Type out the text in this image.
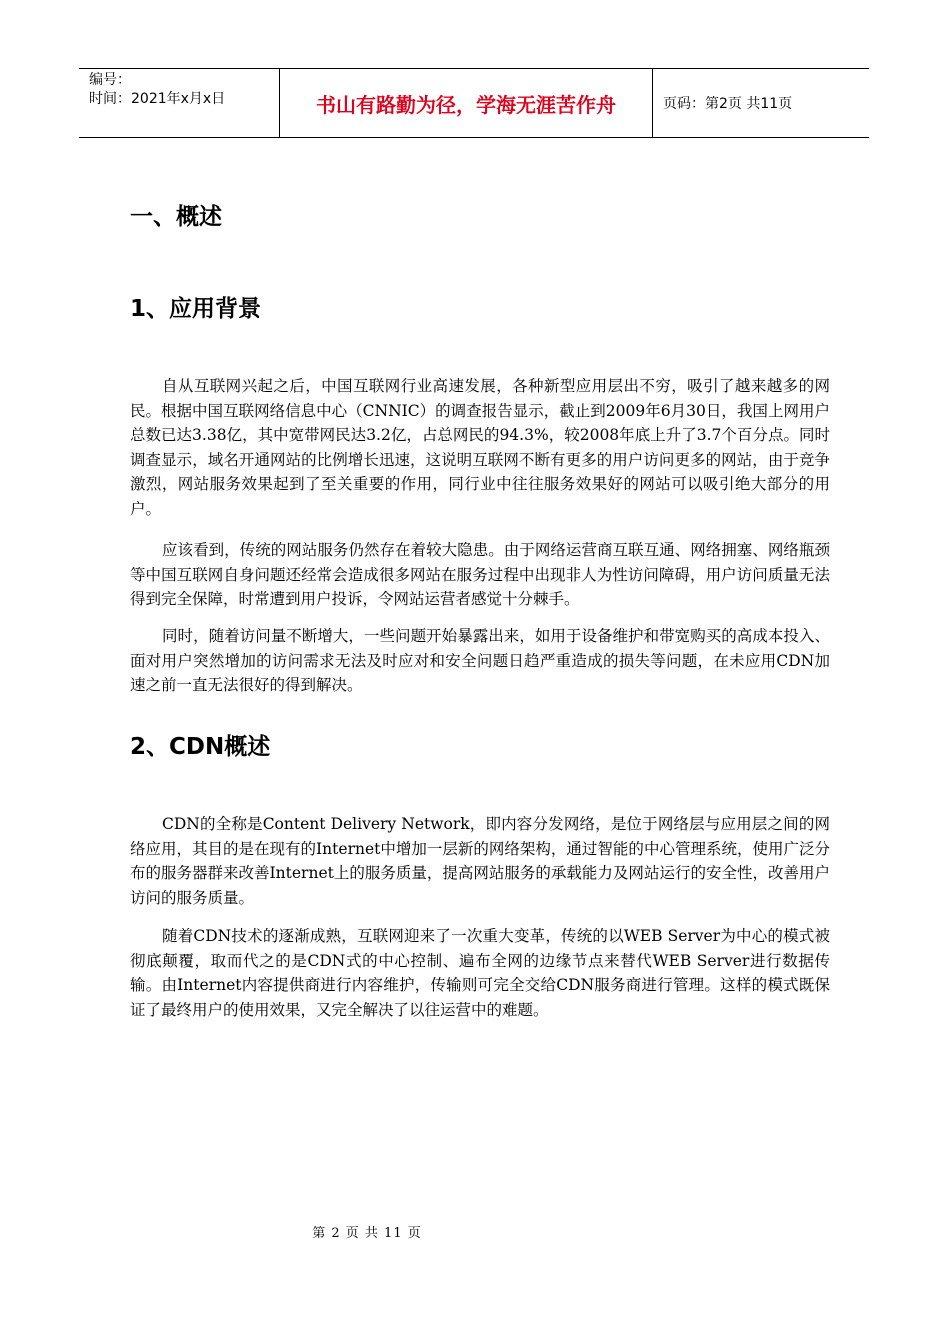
编号：
时间：2021年x月x日	书山有路勤为径，学海无涯苦作舟	页码：第2页 共11页
一、概述
1、应用背景

自从互联网兴起之后，中国互联网行业高速发展，各种新型应用层出不穷，吸引了越来越多的网民。根据中国互联网络信息中心（CNNIC）的调查报告显示，截止到2009年6月30日，我国上网用户总数已达3.38亿，其中宽带网民达3.2亿，占总网民的94.3%，较2008年底上升了3.7个百分点。同时调查显示，域名开通网站的比例增长迅速，这说明互联网不断有更多的用户访问更多的网站，由于竞争激烈，网站服务效果起到了至关重要的作用，同行业中往往服务效果好的网站可以吸引绝大部分的用户。

应该看到，传统的网站服务仍然存在着较大隐患。由于网络运营商互联互通、网络拥塞、网络瓶颈等中国互联网自身问题还经常会造成很多网站在服务过程中出现非人为性访问障碍，用户访问质量无法得到完全保障，时常遭到用户投诉，令网站运营者感觉十分棘手。

同时，随着访问量不断增大，一些问题开始暴露出来，如用于设备维护和带宽购买的高成本投入、面对用户突然增加的访问需求无法及时应对和安全问题日趋严重造成的损失等问题，在未应用CDN加速之前一直无法很好的得到解决。

2、CDN概述

CDN的全称是Content Delivery Network，即内容分发网络，是位于网络层与应用层之间的网络应用，其目的是在现有的Internet中增加一层新的网络架构，通过智能的中心管理系统，使用广泛分布的服务器群来改善Internet上的服务质量，提高网站服务的承载能力及网站运行的安全性，改善用户访问的服务质量。

随着CDN技术的逐渐成熟，互联网迎来了一次重大变革，传统的以WEB Server为中心的模式被彻底颠覆，取而代之的是CDN式的中心控制、遍布全网的边缘节点来替代WEB Server进行数据传输。由Internet内容提供商进行内容维护，传输则可完全交给CDN服务商进行管理。这样的模式既保证了最终用户的使用效果，又完全解决了以往运营中的难题。

第 2 页 共 11 页
